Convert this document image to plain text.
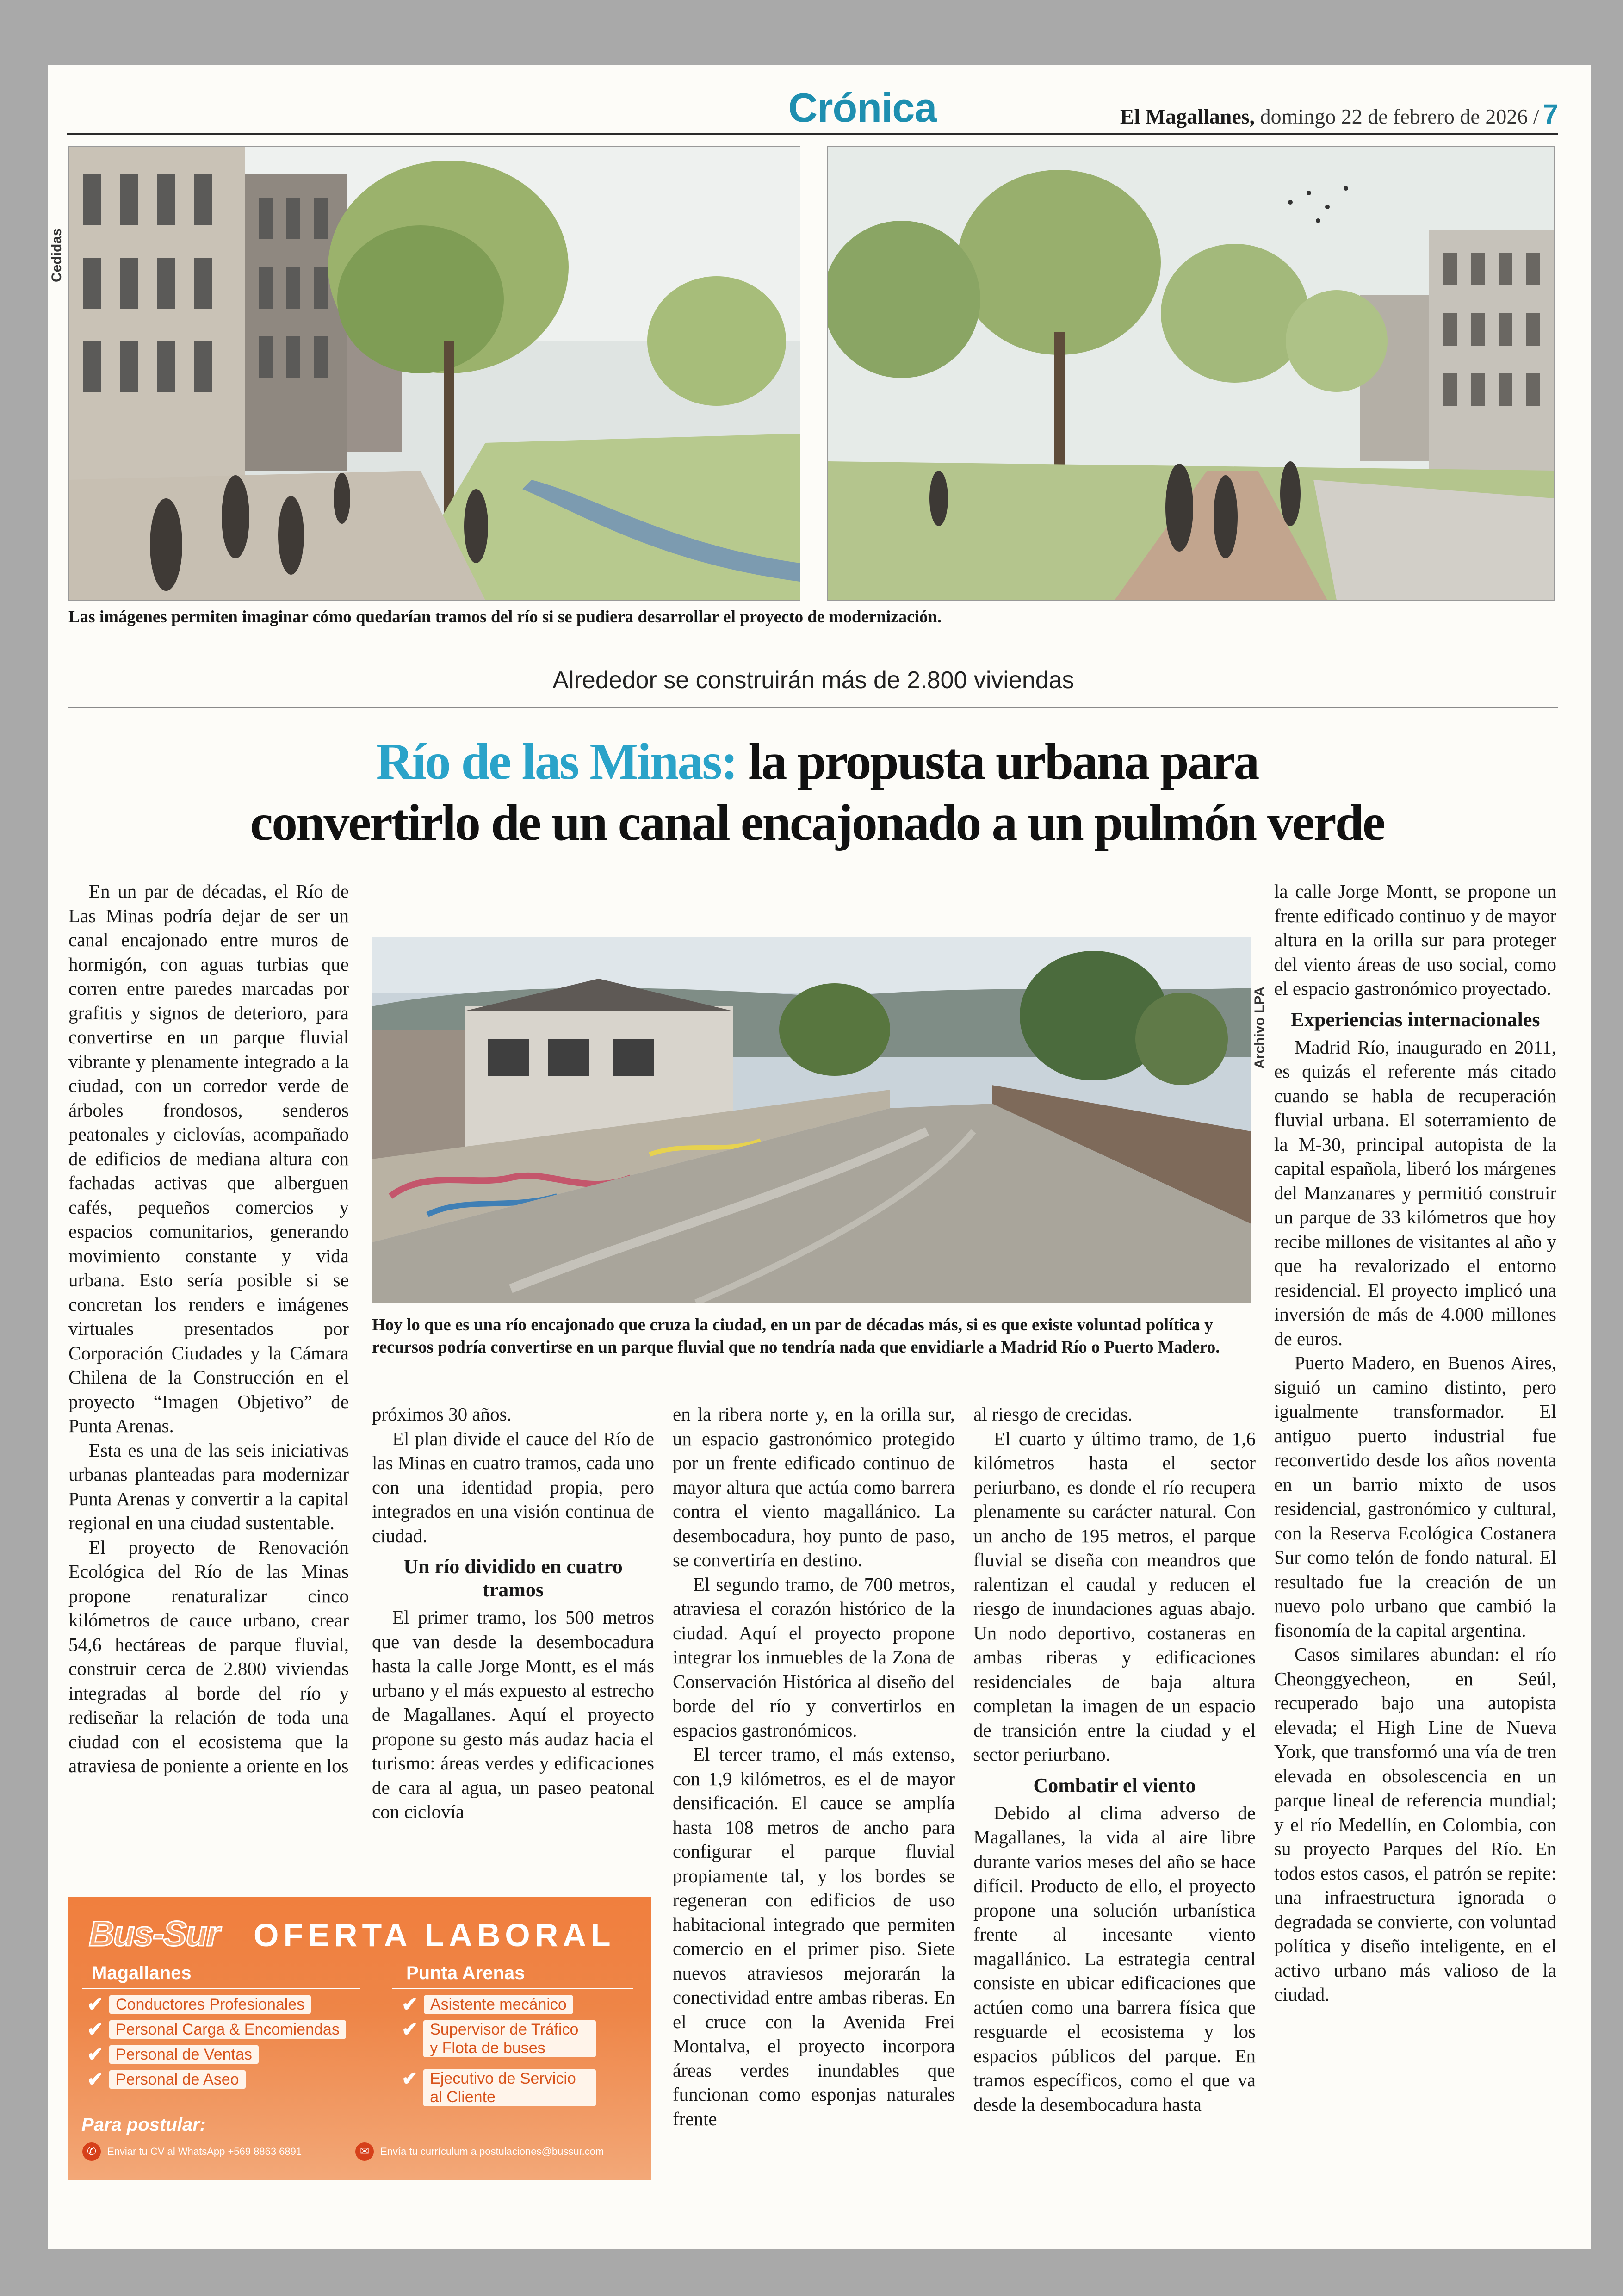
Crónica	El Magallanes, domingo 22 de febrero de 2026 / 7
Cedidas
Las imágenes permiten imaginar cómo quedarían tramos del río si se pudiera desarrollar el proyecto de modernización.
Alrededor se construirán más de 2.800 viviendas
Río de las Minas: la propusta urbana para
convertirlo de un canal encajonado a un pulmón verde

En un par de décadas, el Río de Las Minas podría dejar de ser un canal encajonado entre muros de hormigón, con aguas turbias que corren entre paredes marcadas por grafitis y signos de deterioro, para convertirse en un parque fluvial vibrante y plenamente integrado a la ciudad, con un corredor verde de árboles frondosos, senderos peatonales y ciclovías, acompañado de edificios de mediana altura con fachadas activas que alberguen cafés, pequeños comercios y espacios comunitarios, generando movimiento constante y vida urbana. Esto sería posible si se concretan los renders e imágenes virtuales presentados por Corporación Ciudades y la Cámara Chilena de la Construcción en el proyecto “Imagen Objetivo” de Punta Arenas.

Esta es una de las seis iniciativas urbanas planteadas para modernizar Punta Arenas y convertir a la capital regional en una ciudad sustentable.

El proyecto de Renovación Ecológica del Río de las Minas propone renaturalizar cinco kilómetros de cauce urbano, crear 54,6 hectáreas de parque fluvial, construir cerca de 2.800 viviendas integradas al borde del río y rediseñar la relación de toda una ciudad con el ecosistema que la atraviesa de poniente a oriente en los

Archivo LPA
Hoy lo que es una río encajonado que cruza la ciudad, en un par de décadas más, si es que existe voluntad política y recursos podría convertirse en un parque fluvial que no tendría nada que envidiarle a Madrid Río o Puerto Madero.

próximos 30 años.

El plan divide el cauce del Río de las Minas en cuatro tramos, cada uno con una identidad propia, pero integrados en una visión continua de ciudad.

Un río dividido en cuatro tramos

El primer tramo, los 500 metros que van desde la desembocadura hasta la calle Jorge Montt, es el más urbano y el más expuesto al estrecho de Magallanes. Aquí el proyecto propone su gesto más audaz hacia el turismo: áreas verdes y edificaciones de cara al agua, un paseo peatonal con ciclovía

en la ribera norte y, en la orilla sur, un espacio gastronómico protegido por un frente edificado continuo de mayor altura que actúa como barrera contra el viento magallánico. La desembocadura, hoy punto de paso, se convertiría en destino.

El segundo tramo, de 700 metros, atraviesa el corazón histórico de la ciudad. Aquí el proyecto propone integrar los inmuebles de la Zona de Conservación Histórica al diseño del borde del río y convertirlos en espacios gastronómicos.

El tercer tramo, el más extenso, con 1,9 kilómetros, es el de mayor densificación. El cauce se amplía hasta 108 metros de ancho para configurar el parque fluvial propiamente tal, y los bordes se regeneran con edificios de uso habitacional integrado que permiten comercio en el primer piso. Siete nuevos atraviesos mejorarán la conectividad entre ambas riberas. En el cruce con la Avenida Frei Montalva, el proyecto incorpora áreas verdes inundables que funcionan como esponjas naturales frente

al riesgo de crecidas.

El cuarto y último tramo, de 1,6 kilómetros hasta el sector periurbano, es donde el río recupera plenamente su carácter natural. Con un ancho de 195 metros, el parque fluvial se diseña con meandros que ralentizan el caudal y reducen el riesgo de inundaciones aguas abajo. Un nodo deportivo, costaneras en ambas riberas y edificaciones residenciales de baja altura completan la imagen de un espacio de transición entre la ciudad y el sector periurbano.

Combatir el viento

Debido al clima adverso de Magallanes, la vida al aire libre durante varios meses del año se hace difícil. Producto de ello, el proyecto propone una solución urbanística frente al incesante viento magallánico. La estrategia central consiste en ubicar edificaciones que actúen como una barrera física que resguarde el ecosistema y los espacios públicos del parque. En tramos específicos, como el que va desde la desembocadura hasta

la calle Jorge Montt, se propone un frente edificado continuo y de mayor altura en la orilla sur para proteger del viento áreas de uso social, como el espacio gastronómico proyectado.

Experiencias internacionales

Madrid Río, inaugurado en 2011, es quizás el referente más citado cuando se habla de recuperación fluvial urbana. El soterramiento de la M-30, principal autopista de la capital española, liberó los márgenes del Manzanares y permitió construir un parque de 33 kilómetros que hoy recibe millones de visitantes al año y que ha revalorizado el entorno residencial. El proyecto implicó una inversión de más de 4.000 millones de euros.

Puerto Madero, en Buenos Aires, siguió un camino distinto, pero igualmente transformador. El antiguo puerto industrial fue reconvertido desde los años noventa en un barrio mixto de usos residencial, gastronómico y cultural, con la Reserva Ecológica Costanera Sur como telón de fondo natural. El resultado fue la creación de un nuevo polo urbano que cambió la fisonomía de la capital argentina.

Casos similares abundan: el río Cheonggyecheon, en Seúl, recuperado bajo una autopista elevada; el High Line de Nueva York, que transformó una vía de tren elevada en obsolescencia en un parque lineal de referencia mundial; y el río Medellín, en Colombia, con su proyecto Parques del Río. En todos estos casos, el patrón se repite: una infraestructura ignorada o degradada se convierte, con voluntad política y diseño inteligente, en el activo urbano más valioso de la ciudad.

Bus-Sur OFERTA LABORAL
Magallanes	Punta Arenas
✔ Conductores Profesionales
✔ Personal Carga & Encomiendas
✔ Personal de Ventas
✔ Personal de Aseo
✔ Asistente mecánico
✔ Supervisor de Tráfico y Flota de buses
✔ Ejecutivo de Servicio al Cliente
Para postular:
✆	Enviar tu CV al WhatsApp +569 8863 6891	✉	Envía tu currículum a postulaciones@bussur.com
